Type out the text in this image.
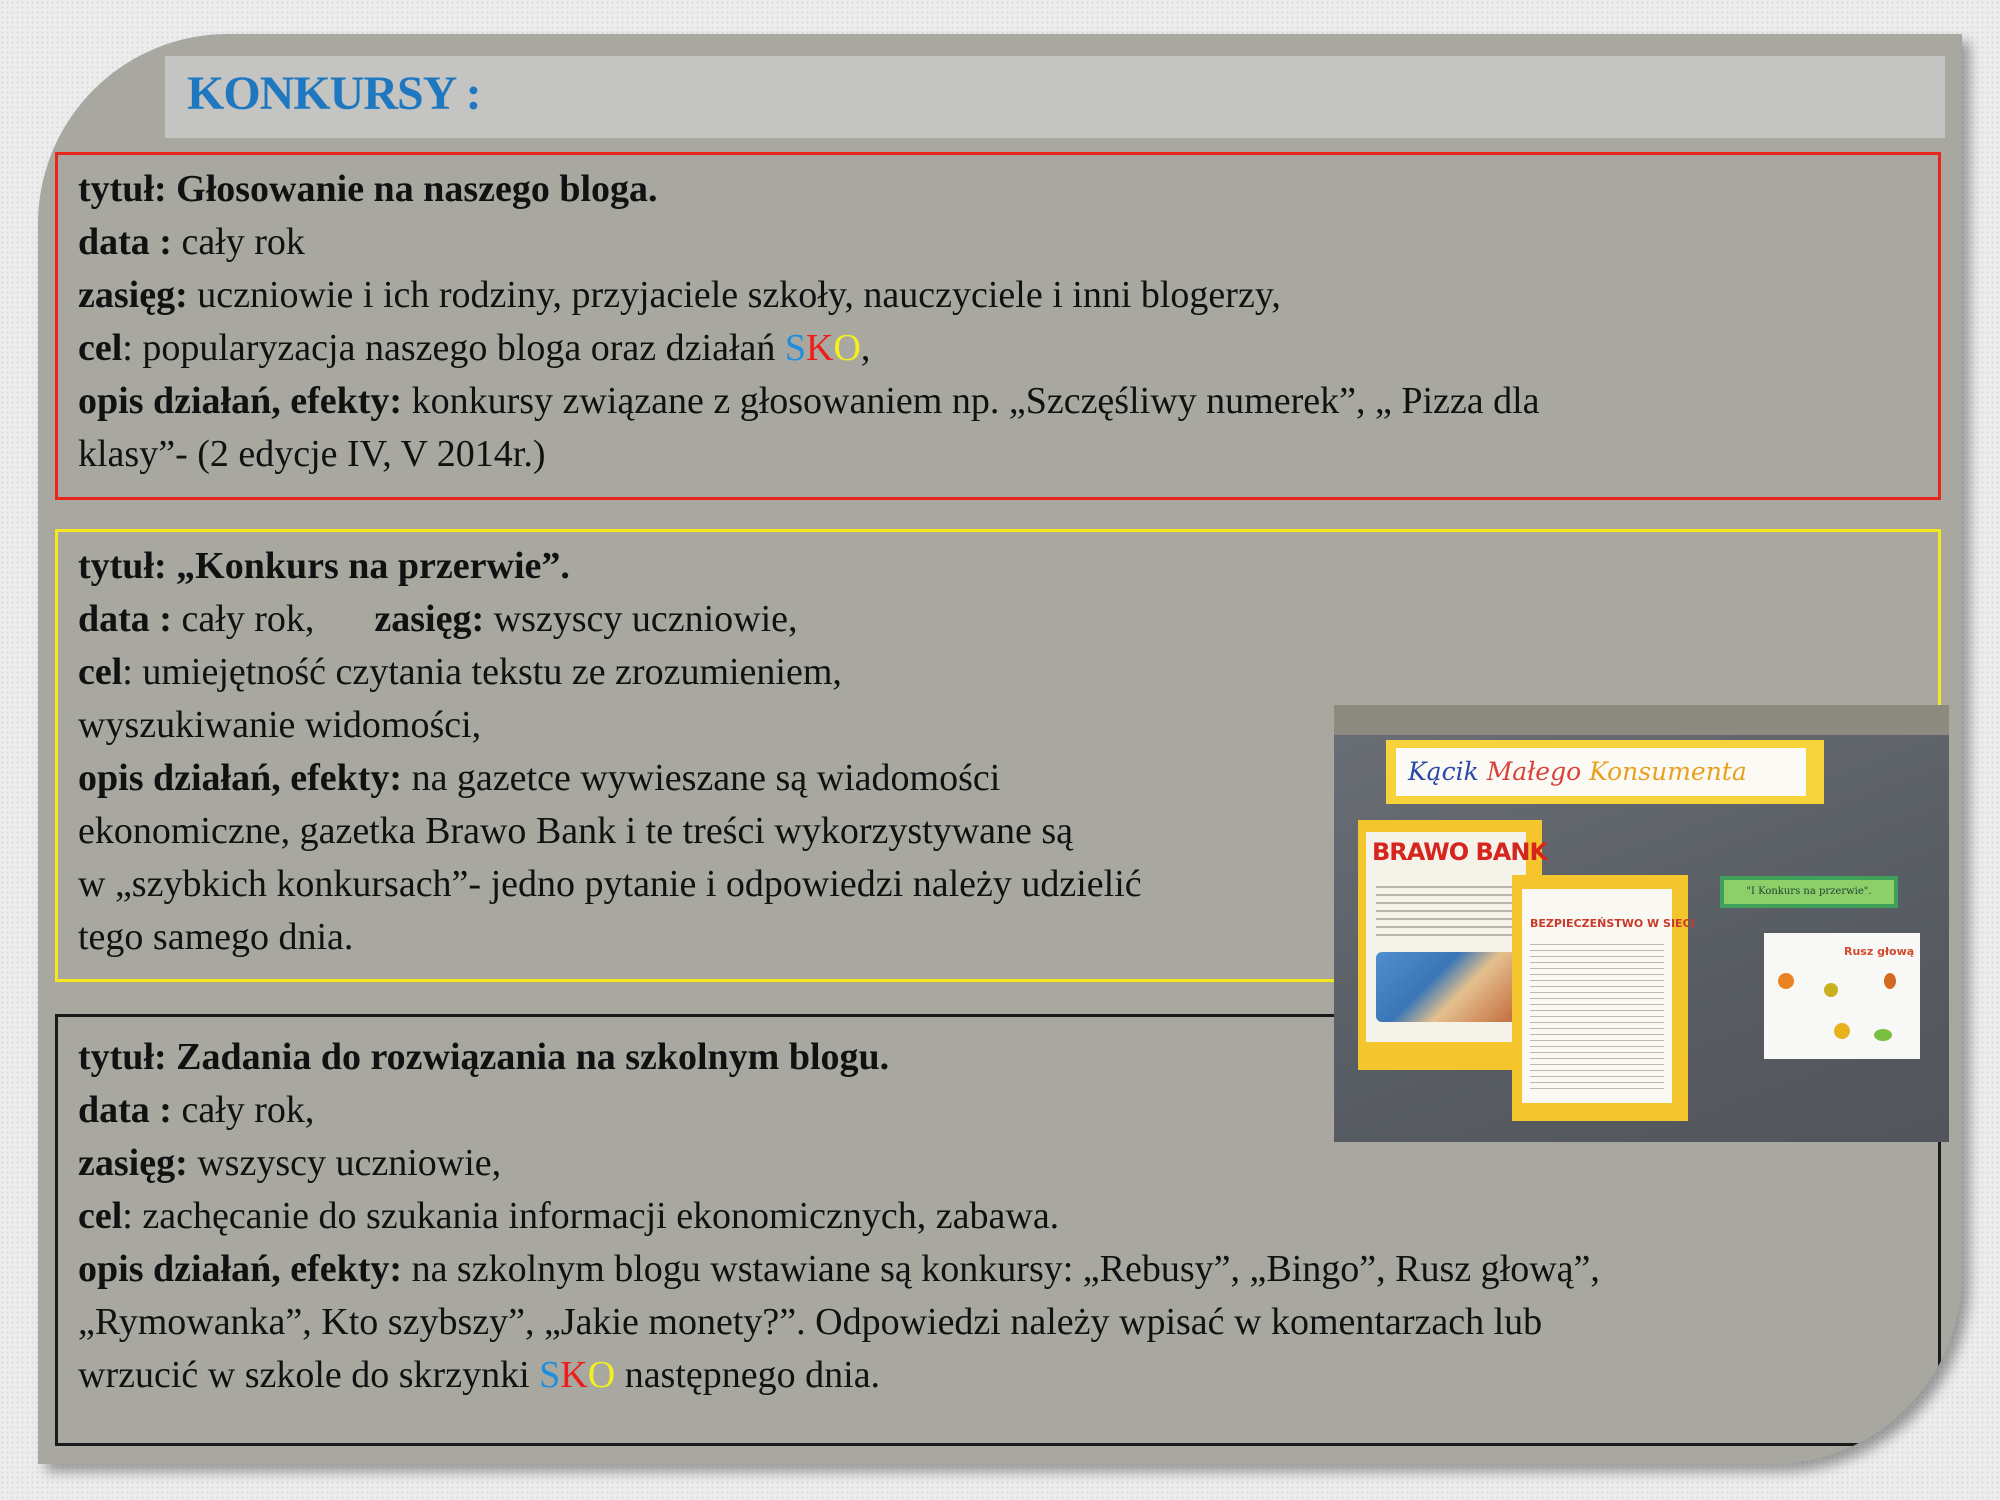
KONKURSY :
tytuł: Głosowanie na naszego bloga.
data : cały rok
zasięg: uczniowie i ich rodziny, przyjaciele szkoły, nauczyciele i inni blogerzy,
cel: popularyzacja naszego bloga oraz działań SKO,
opis działań, efekty: konkursy związane z głosowaniem np. „Szczęśliwy numerek”, „ Pizza dla
klasy”- (2 edycje IV, V 2014r.)
tytuł: „Konkurs na przerwie”.
data : cały rok, zasięg: wszyscy uczniowie,
cel: umiejętność czytania tekstu ze zrozumieniem,
wyszukiwanie widomości,
opis działań, efekty: na gazetce wywieszane są wiadomości
ekonomiczne, gazetka Brawo Bank i te treści wykorzystywane są
w „szybkich konkursach”- jedno pytanie i odpowiedzi należy udzielić
tego samego dnia.
tytuł: Zadania do rozwiązania na szkolnym blogu.
data : cały rok,
zasięg: wszyscy uczniowie,
cel: zachęcanie do szukania informacji ekonomicznych, zabawa.
opis działań, efekty: na szkolnym blogu wstawiane są konkursy: „Rebusy”, „Bingo”, Rusz głową”,
„Rymowanka”, Kto szybszy”, „Jakie monety?”. Odpowiedzi należy wpisać w komentarzach lub
wrzucić w szkole do skrzynki SKO następnego dnia.
Kącik Małego Konsumenta
BRAWO BANK
BEZPIECZEŃSTWO W SIECI
"I Konkurs na przerwie".
Rusz głową
